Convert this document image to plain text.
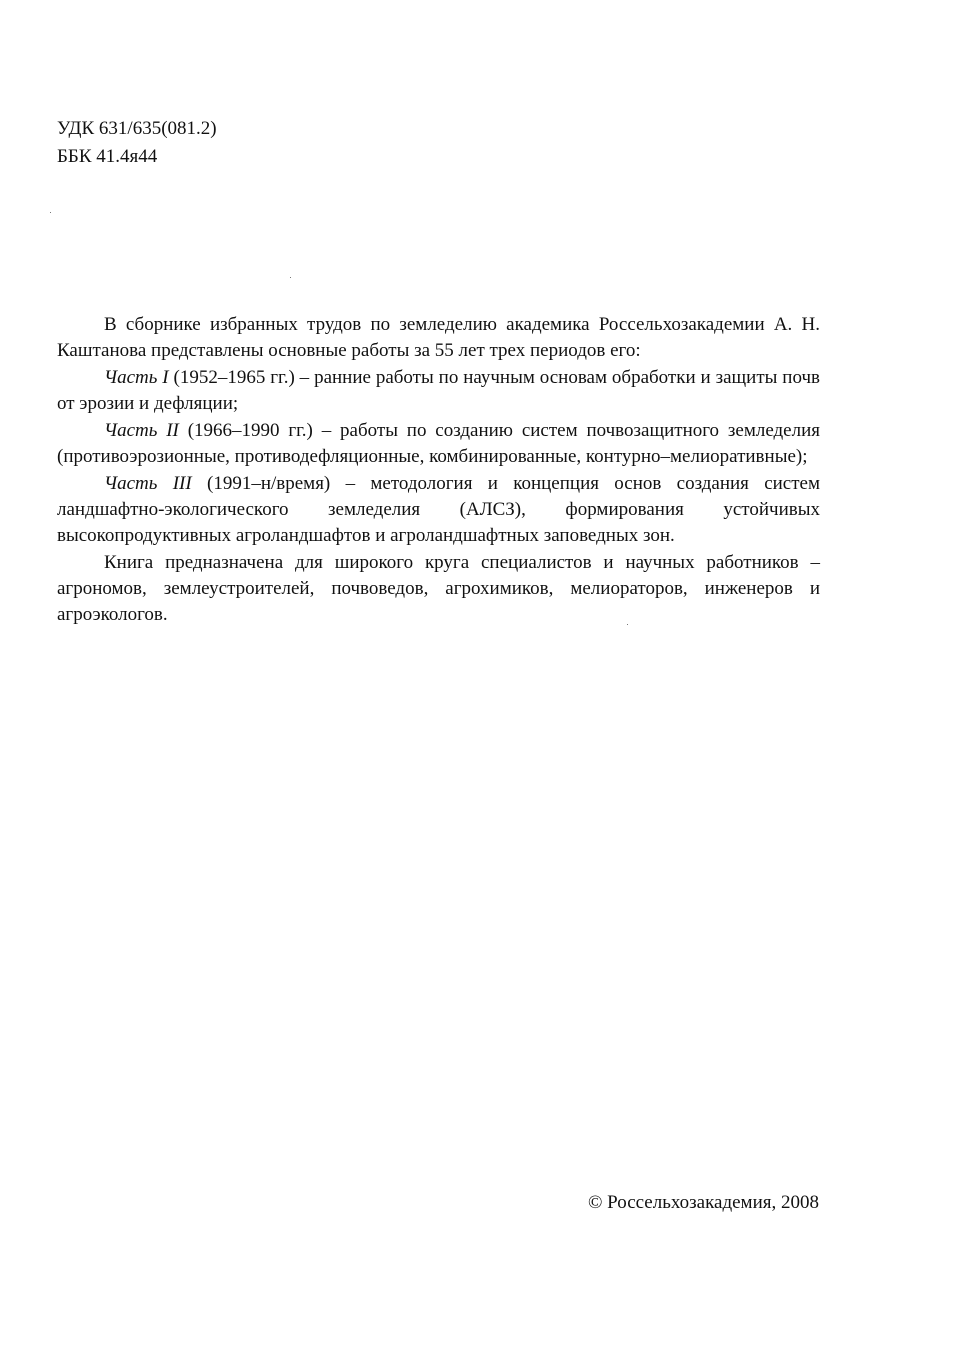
УДК 631/635(081.2)
ББК 41.4я44

В сборнике избранных трудов по земледелию академика Россельхозакадемии А. Н. Каштанова представлены основные работы за 55 лет трех периодов его:

Часть I (1952–1965 гг.) – ранние работы по научным основам обработки и защиты почв от эрозии и дефляции;

Часть II (1966–1990 гг.) – работы по созданию систем почвозащитного земледелия (противоэрозионные, противодефляционные, комбинированные, контурно–мелиоративные);

Часть III (1991–н/время) – методология и концепция основ создания систем ландшафтно-экологического земледелия (АЛСЗ), формирования устойчивых высокопродуктивных агроландшафтов и агроландшафтных заповедных зон.

Книга предназначена для широкого круга специалистов и научных работников – агрономов, землеустроителей, почвоведов, агрохимиков, мелиораторов, инженеров и агроэкологов.

© Россельхозакадемия, 2008
